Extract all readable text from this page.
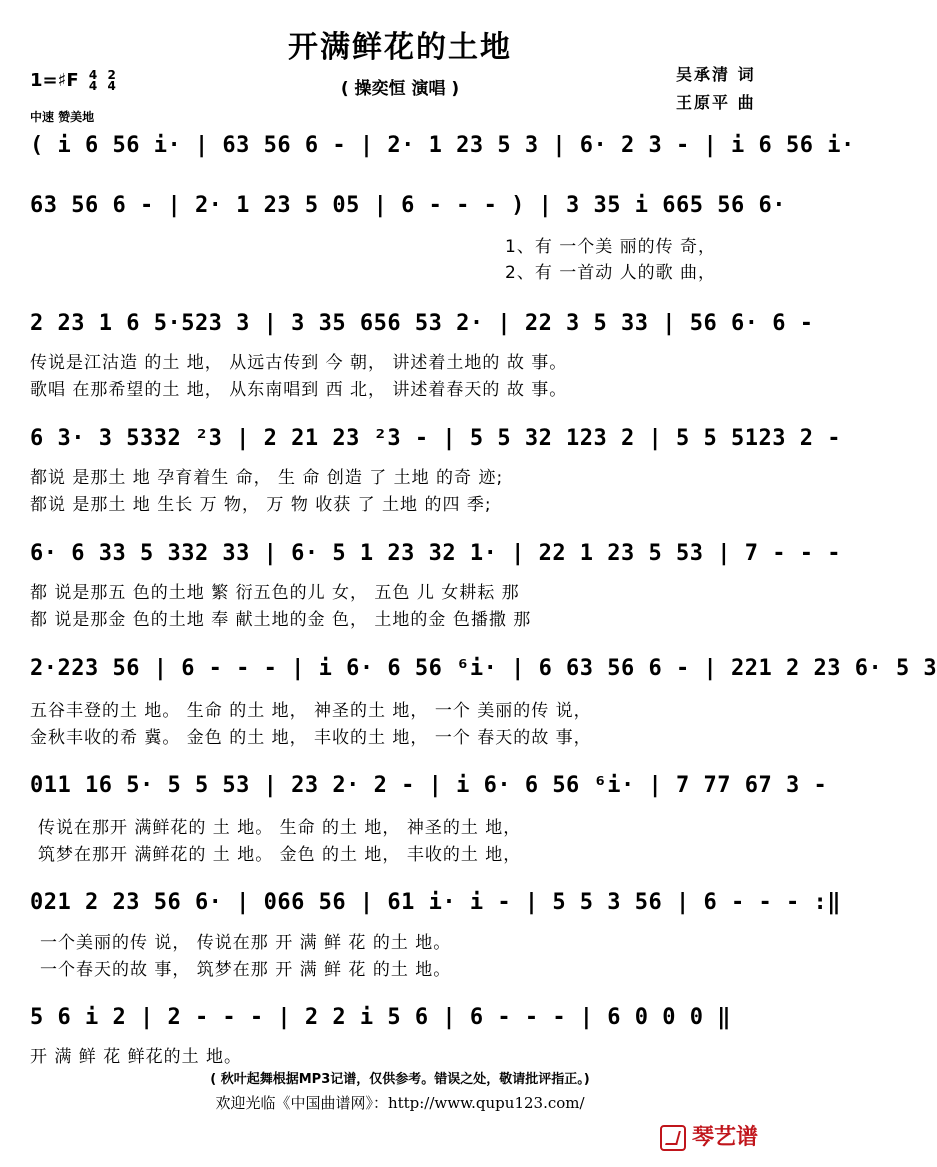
开满鲜花的土地
( 操奕恒 演唱 )
吴承清 词
王原平 曲
1=♯F 4
4 2
4
中速 赞美地
( i 6 56 i· | 63 56 6 - | 2· 1 23 5 3 | 6· 2 3 - | i 6 56 i·
63 56 6 - | 2· 1 23 5 05 | 6 - - - ) | 3 35 i 665 56 6·
1、有 一个美 丽的传 奇，
2、有 一首动 人的歌 曲，
2 23 1 6 5·523 3 | 3 35 656 53 2· | 22 3 5 33 | 56 6· 6 -
传说是江沽造 的土 地， 从远古传到 今 朝， 讲述着土地的 故 事。
歌唱 在那希望的土 地， 从东南唱到 西 北， 讲述着春天的 故 事。
6 3· 3 5332 ²3 | 2 21 23 ²3 - | 5 5 32 123 2 | 5 5 5123 2 -
都说 是那土 地 孕育着生 命， 生 命 创造 了 土地 的奇 迹;
都说 是那土 地 生长 万 物， 万 物 收获 了 土地 的四 季;
6· 6 33 5 332 33 | 6· 5 1 23 32 1· | 22 1 23 5 53 | 7 - - -
都 说是那五 色的土地 繁 衍五色的儿 女， 五色 儿 女耕耘 那
都 说是那金 色的土地 奉 献土地的金 色， 土地的金 色播撒 那
2·223 56 | 6 - - - | i 6· 6 56 ⁶i· | 6 63 56 6 - | 221 2 23 6· 5 3
五谷丰登的土 地。 生命 的土 地， 神圣的土 地， 一个 美丽的传 说，
金秋丰收的希 冀。 金色 的土 地， 丰收的土 地， 一个 春天的故 事，
011 16 5· 5 5 53 | 23 2· 2 - | i 6· 6 56 ⁶i· | 7 77 67 3 -
传说在那开 满鲜花的 土 地。 生命 的土 地， 神圣的土 地，
筑梦在那开 满鲜花的 土 地。 金色 的土 地， 丰收的土 地，
021 2 23 56 6· | 066 56 | 61 i· i - | 5 5 3 56 | 6 - - - :‖
一个美丽的传 说， 传说在那 开 满 鲜 花 的土 地。
一个春天的故 事， 筑梦在那 开 满 鲜 花 的土 地。
5 6 i 2 | 2 - - - | 2 2 i 5 6 | 6 - - - | 6 0 0 0 ‖
开 满 鲜 花 鲜花的土 地。
( 秋叶起舞根据MP3记谱，仅供参考。错误之处，敬请批评指正。)
欢迎光临《中国曲谱网》：http://www.qupu123.com/
琴艺谱
